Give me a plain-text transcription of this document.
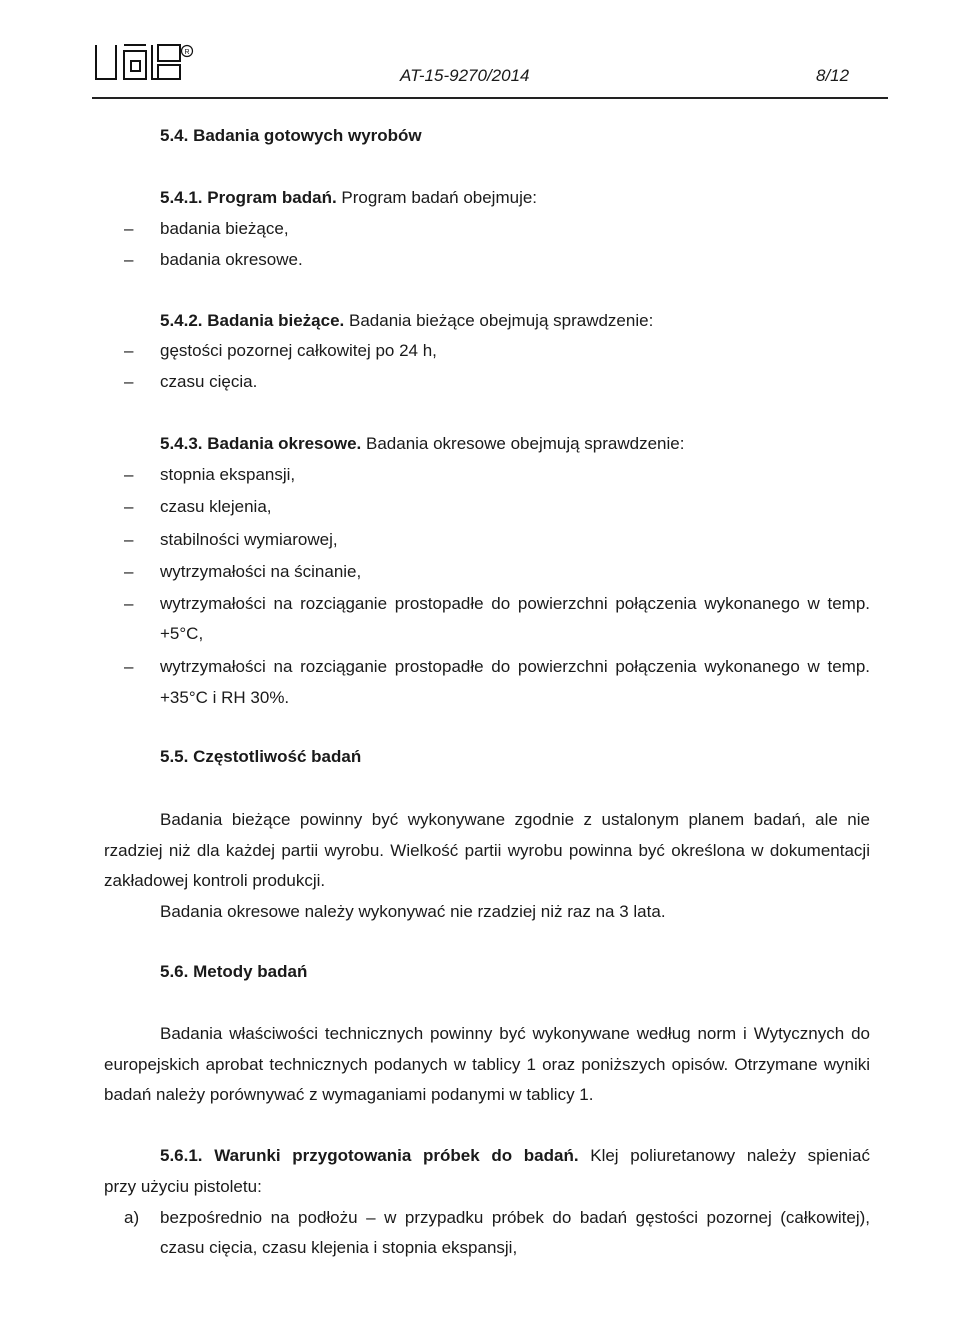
R
AT-15-9270/2014	8/12
5.4. Badania gotowych wyrobów
5.4.1. Program badań. Program badań obejmuje:
– badania bieżące,
– badania okresowe.
5.4.2. Badania bieżące. Badania bieżące obejmują sprawdzenie:
– gęstości pozornej całkowitej po 24 h,
– czasu cięcia.
5.4.3. Badania okresowe. Badania okresowe obejmują sprawdzenie:
– stopnia ekspansji,
– czasu klejenia,
– stabilności wymiarowej,
– wytrzymałości na ścinanie,
– wytrzymałości na rozciąganie prostopadłe do powierzchni połączenia wykonanego w temp.
+5°C,
– wytrzymałości na rozciąganie prostopadłe do powierzchni połączenia wykonanego w temp.
+35°C i RH 30%.
5.5. Częstotliwość badań
Badania bieżące powinny być wykonywane zgodnie z ustalonym planem badań, ale nie
rzadziej niż dla każdej partii wyrobu. Wielkość partii wyrobu powinna być określona w dokumentacji
zakładowej kontroli produkcji.
Badania okresowe należy wykonywać nie rzadziej niż raz na 3 lata.
5.6. Metody badań
Badania właściwości technicznych powinny być wykonywane według norm i Wytycznych do
europejskich aprobat technicznych podanych w tablicy 1 oraz poniższych opisów. Otrzymane wyniki
badań należy porównywać z wymaganiami podanymi w tablicy 1.
5.6.1. Warunki przygotowania próbek do badań. Klej poliuretanowy należy spieniać
przy użyciu pistoletu:
a) bezpośrednio na podłożu – w przypadku próbek do badań gęstości pozornej (całkowitej),
czasu cięcia, czasu klejenia i stopnia ekspansji,
